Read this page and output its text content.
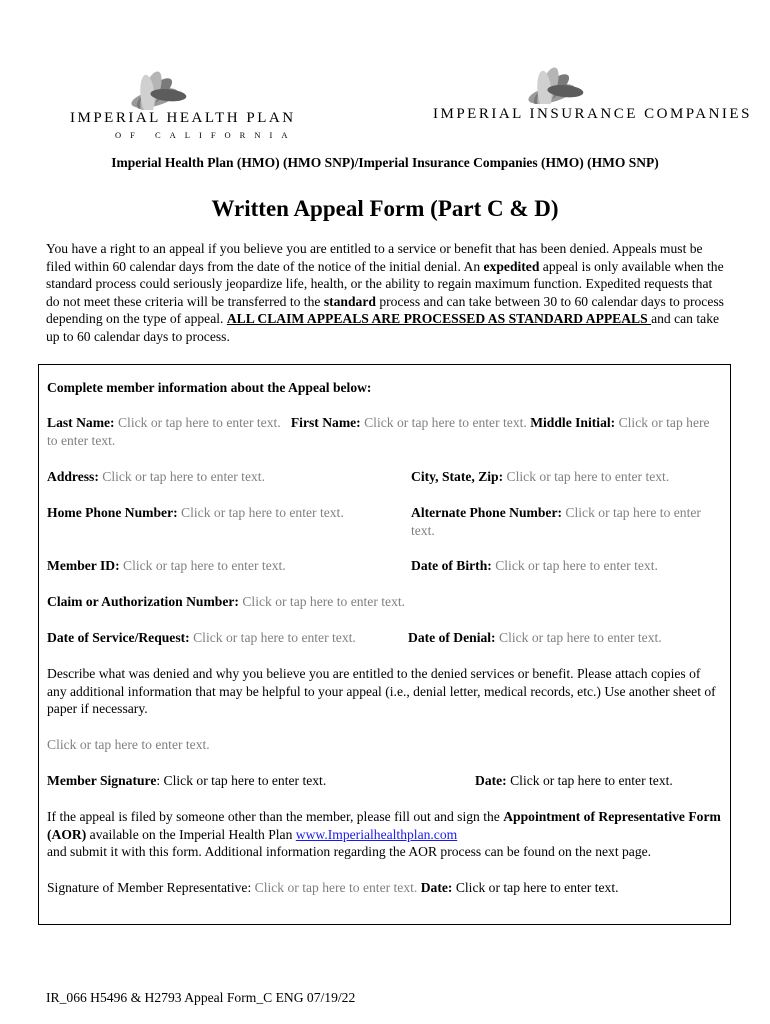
IMPERIAL HEALTH PLAN
OF CALIFORNIA
IMPERIAL INSURANCE COMPANIES
Imperial Health Plan (HMO) (HMO SNP)/Imperial Insurance Companies (HMO) (HMO SNP)
Written Appeal Form (Part C & D)
You have a right to an appeal if you believe you are entitled to a service or benefit that has been denied. Appeals must be filed within 60 calendar days from the date of the notice of the initial denial. An expedited appeal is only available when the standard process could seriously jeopardize life, health, or the ability to regain maximum function. Expedited requests that do not meet these criteria will be transferred to the standard process and can take between 30 to 60 calendar days to process depending on the type of appeal. ALL CLAIM APPEALS ARE PROCESSED AS STANDARD APPEALS and can take up to 60 calendar days to process.
Complete member information about the Appeal below:
Last Name: Click or tap here to enter text. First Name: Click or tap here to enter text. Middle Initial: Click or tap here to enter text.
Address: Click or tap here to enter text.	City, State, Zip: Click or tap here to enter text.
Home Phone Number: Click or tap here to enter text.	Alternate Phone Number: Click or tap here to enter text.
Member ID: Click or tap here to enter text.	Date of Birth: Click or tap here to enter text.
Claim or Authorization Number: Click or tap here to enter text.
Date of Service/Request: Click or tap here to enter text.	Date of Denial: Click or tap here to enter text.
Describe what was denied and why you believe you are entitled to the denied services or benefit. Please attach copies of any additional information that may be helpful to your appeal (i.e., denial letter, medical records, etc.) Use another sheet of paper if necessary.
Click or tap here to enter text.
Member Signature: Click or tap here to enter text.	Date: Click or tap here to enter text.
If the appeal is filed by someone other than the member, please fill out and sign the Appointment of Representative Form (AOR) available on the Imperial Health Plan www.Imperialhealthplan.com
and submit it with this form. Additional information regarding the AOR process can be found on the next page.
Signature of Member Representative: Click or tap here to enter text. Date: Click or tap here to enter text.
IR_066 H5496 & H2793 Appeal Form_C ENG 07/19/22
